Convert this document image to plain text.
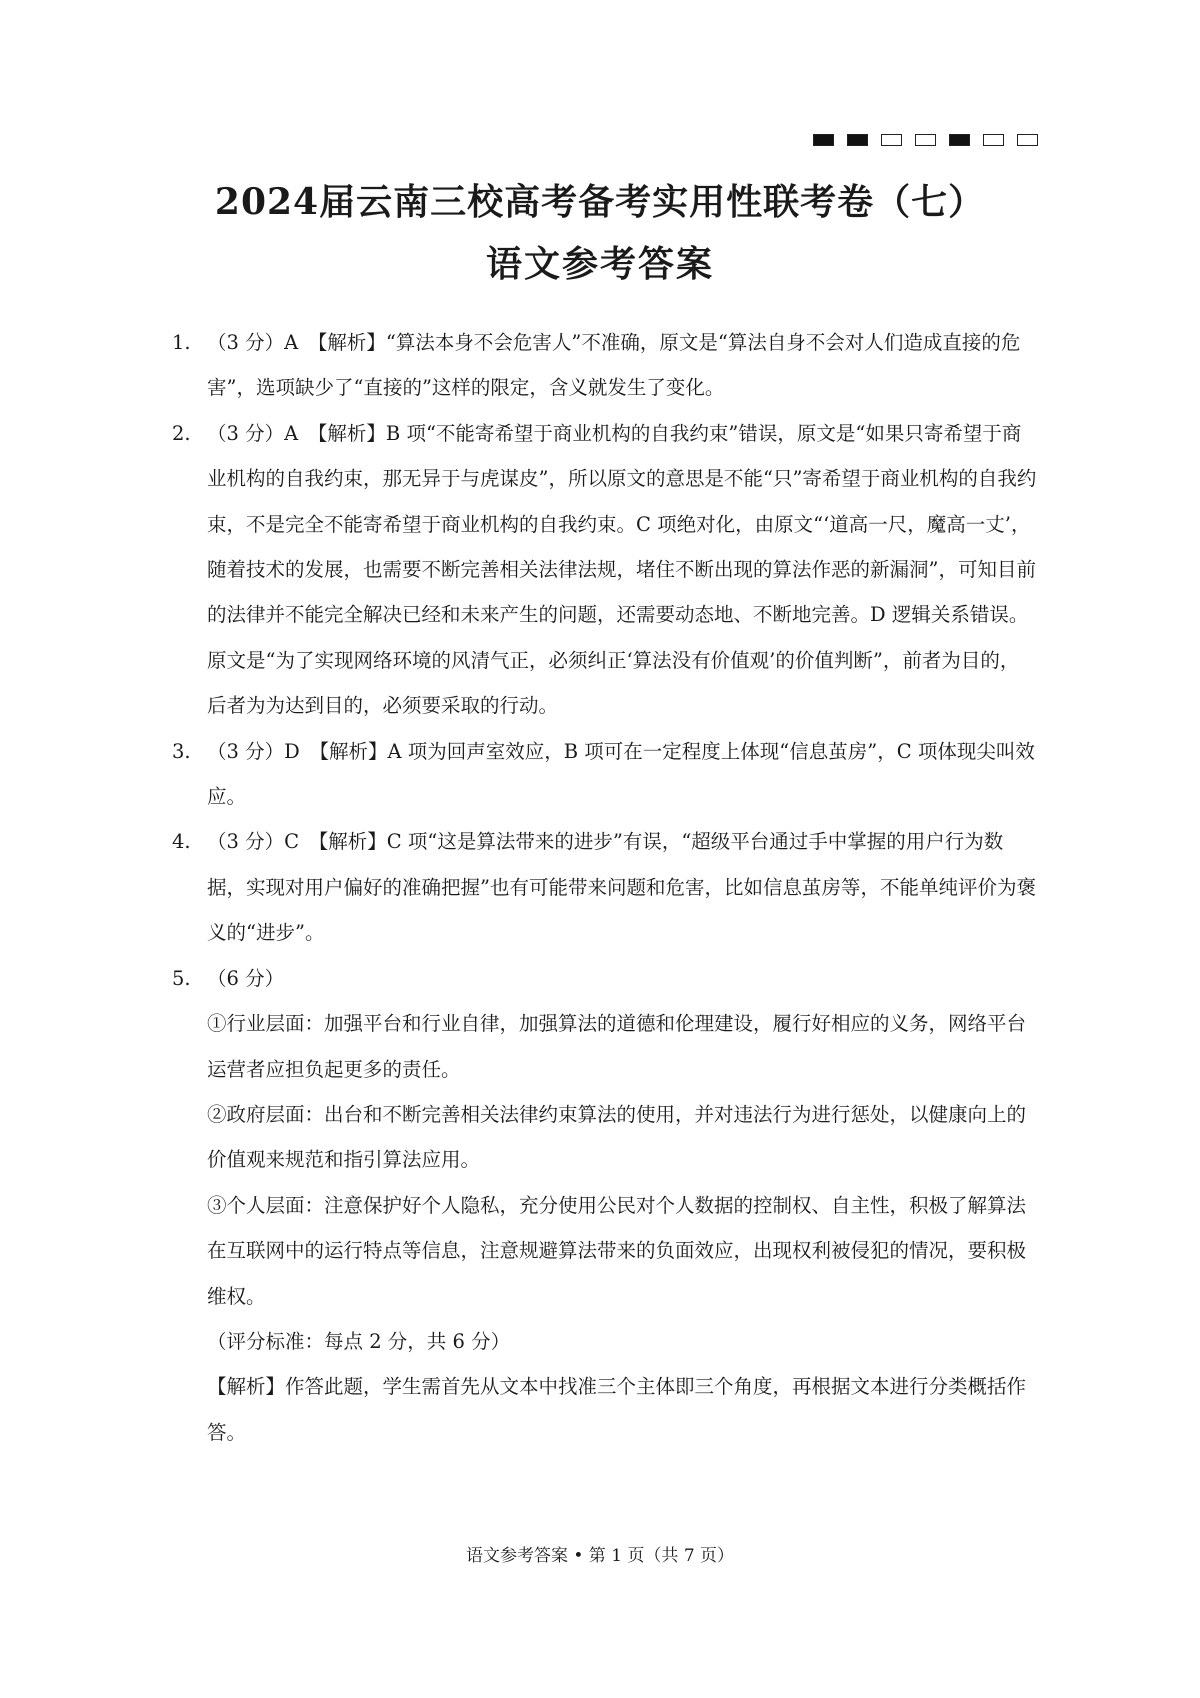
2024届云南三校高考备考实用性联考卷（七）
语文参考答案
1. （3 分）A　【解析】“算法本身不会危害人”不准确，原文是“算法自身不会对人们造成直接的危害”，选项缺少了“直接的”这样的限定，含义就发生了变化。

2. （3 分）A　【解析】B 项“不能寄希望于商业机构的自我约束”错误，原文是“如果只寄希望于商业机构的自我约束，那无异于与虎谋皮”，所以原文的意思是不能“只”寄希望于商业机构的自我约束，不是完全不能寄希望于商业机构的自我约束。C 项绝对化，由原文“‘道高一尺，魔高一丈’，随着技术的发展，也需要不断完善相关法律法规，堵住不断出现的算法作恶的新漏洞”，可知目前的法律并不能完全解决已经和未来产生的问题，还需要动态地、不断地完善。D 逻辑关系错误。原文是“为了实现网络环境的风清气正，必须纠正‘算法没有价值观’的价值判断”，前者为目的，后者为为达到目的，必须要采取的行动。

3. （3 分）D　【解析】A 项为回声室效应，B 项可在一定程度上体现“信息茧房”，C 项体现尖叫效应。

4. （3 分）C　【解析】C 项“这是算法带来的进步”有误，“超级平台通过手中掌握的用户行为数据，实现对用户偏好的准确把握”也有可能带来问题和危害，比如信息茧房等，不能单纯评价为褒义的“进步”。

5. （6 分）

①行业层面：加强平台和行业自律，加强算法的道德和伦理建设，履行好相应的义务，网络平台运营者应担负起更多的责任。

②政府层面：出台和不断完善相关法律约束算法的使用，并对违法行为进行惩处，以健康向上的价值观来规范和指引算法应用。

③个人层面：注意保护好个人隐私，充分使用公民对个人数据的控制权、自主性，积极了解算法在互联网中的运行特点等信息，注意规避算法带来的负面效应，出现权利被侵犯的情况，要积极维权。

（评分标准：每点 2 分，共 6 分）

【解析】作答此题，学生需首先从文本中找准三个主体即三个角度，再根据文本进行分类概括作答。

语文参考答案 • 第 1 页（共 7 页）
